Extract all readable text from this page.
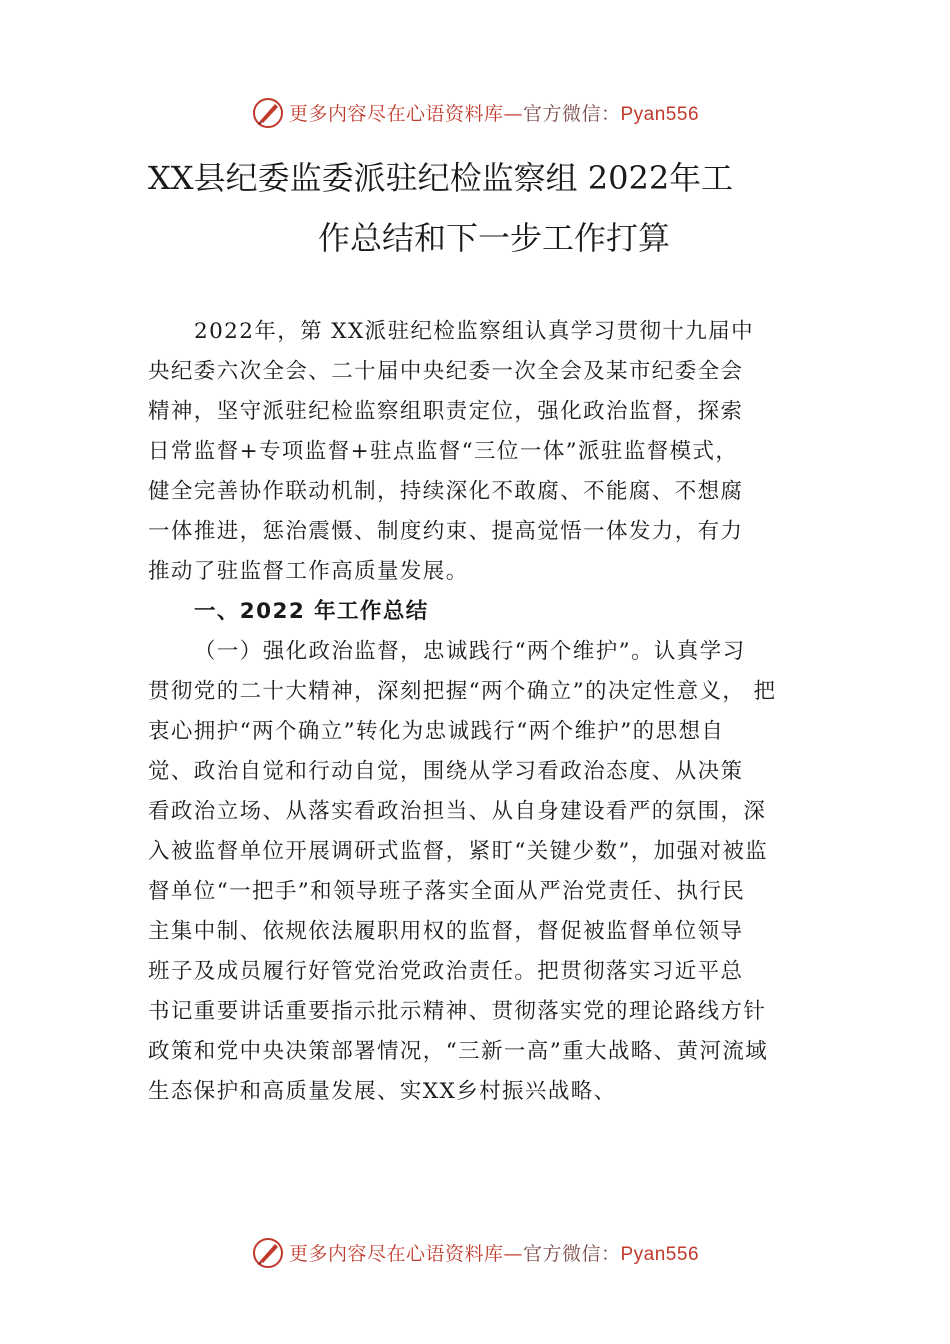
更多内容尽在心语资料库—官方微信：Pyan556
XX县纪委监委派驻纪检监察组 2022年工
作总结和下一步工作打算
2022年，第 XX派驻纪检监察组认真学习贯彻十九届中
央纪委六次全会、二十届中央纪委一次全会及某市纪委全会
精神，坚守派驻纪检监察组职责定位，强化政治监督，探索
日常监督+专项监督+驻点监督“三位一体”派驻监督模式，
健全完善协作联动机制，持续深化不敢腐、不能腐、不想腐
一体推进，惩治震慑、制度约束、提高觉悟一体发力，有力
推动了驻监督工作高质量发展。
一、2022 年工作总结
（一）强化政治监督，忠诚践行“两个维护”。认真学习
贯彻党的二十大精神，深刻把握“两个确立”的决定性意义， 把
衷心拥护“两个确立”转化为忠诚践行“两个维护”的思想自
觉、政治自觉和行动自觉，围绕从学习看政治态度、从决策
看政治立场、从落实看政治担当、从自身建设看严的氛围，深
入被监督单位开展调研式监督，紧盯“关键少数”，加强对被监
督单位“一把手”和领导班子落实全面从严治党责任、执行民
主集中制、依规依法履职用权的监督，督促被监督单位领导
班子及成员履行好管党治党政治责任。把贯彻落实习近平总
书记重要讲话重要指示批示精神、贯彻落实党的理论路线方针
政策和党中央决策部署情况，“三新一高”重大战略、黄河流域
生态保护和高质量发展、实XX乡村振兴战略、
更多内容尽在心语资料库—官方微信：Pyan556
